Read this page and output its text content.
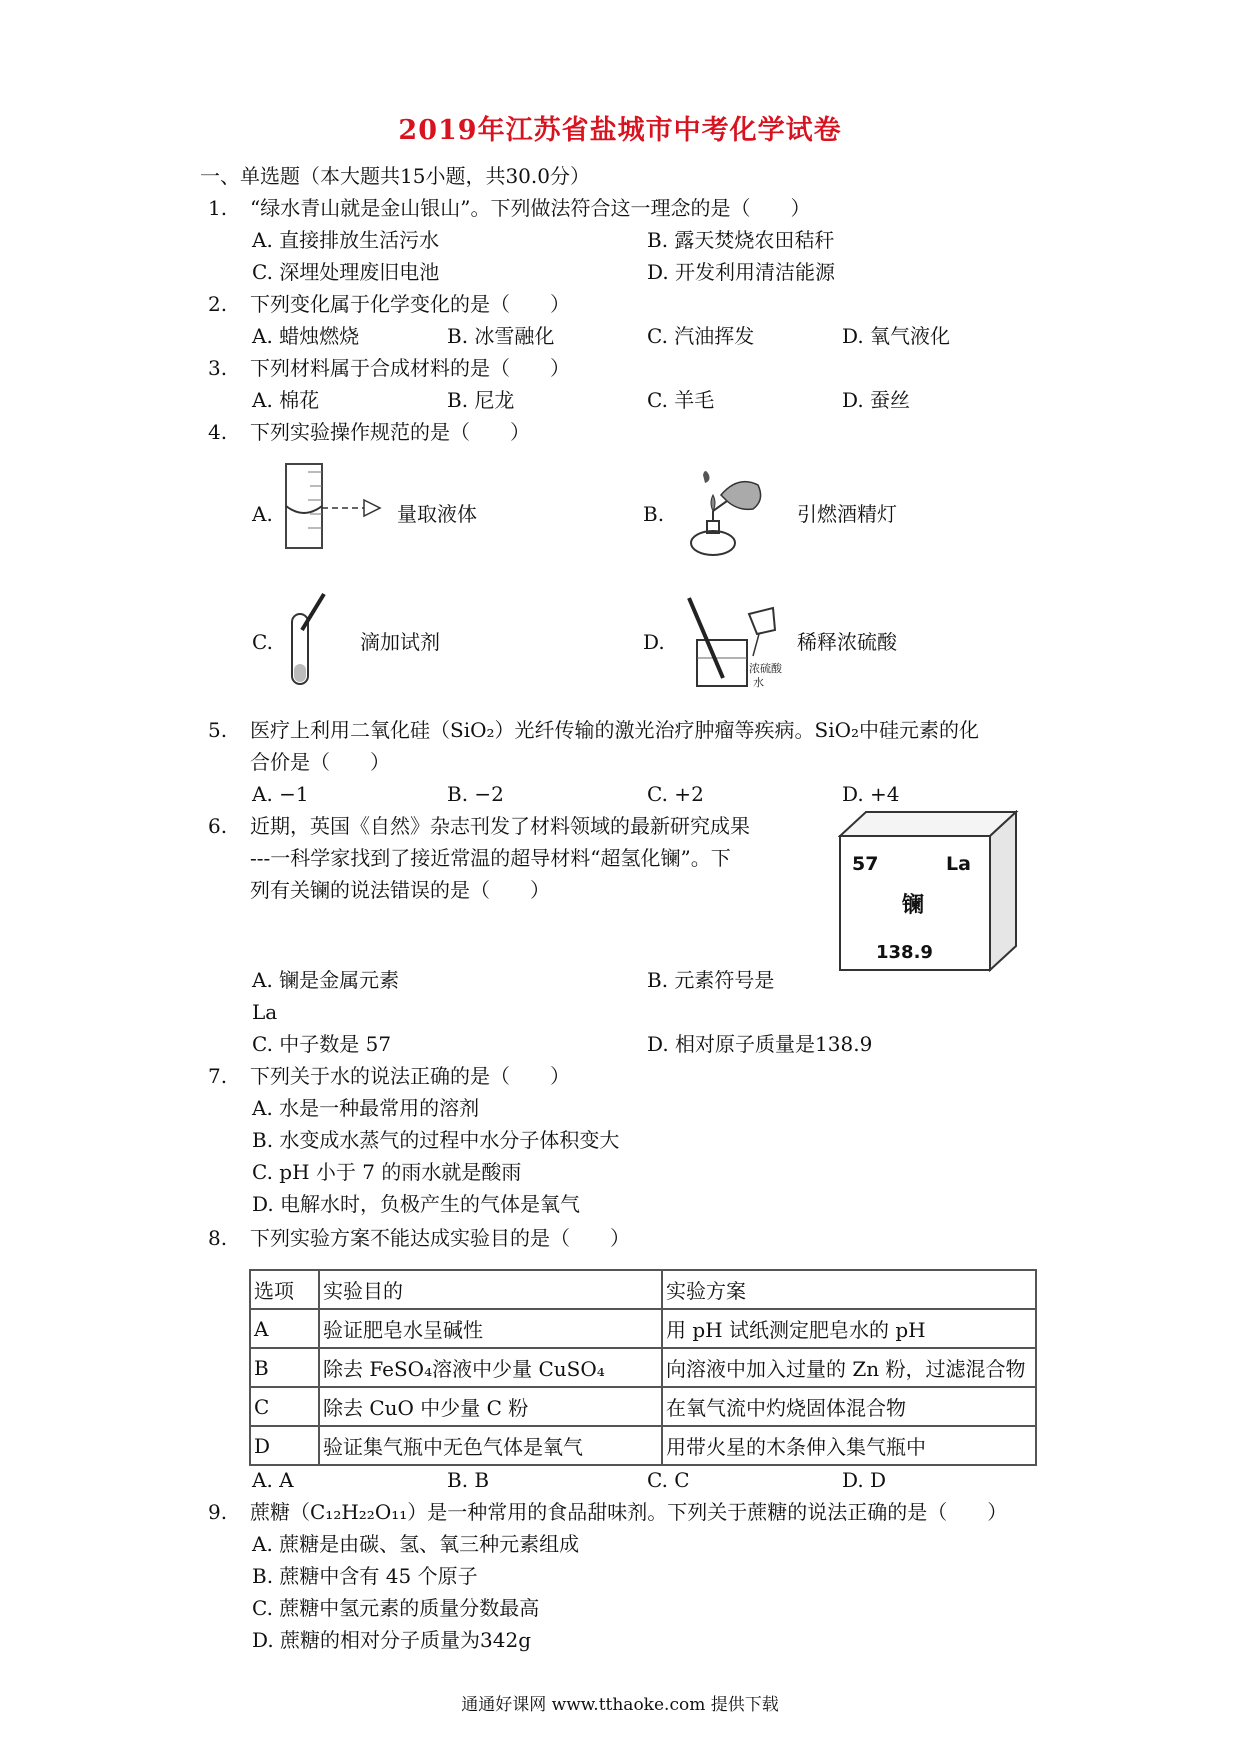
2019年江苏省盐城市中考化学试卷
一、单选题（本大题共15小题，共30.0分）
1. “绿水青山就是金山银山”。下列做法符合这一理念的是（　　）
A. 直接排放生活污水	B. 露天焚烧农田秸秆
C. 深埋处理废旧电池	D. 开发利用清洁能源
2. 下列变化属于化学变化的是（　　）
A. 蜡烛燃烧	B. 冰雪融化	C. 汽油挥发	D. 氧气液化
3. 下列材料属于合成材料的是（　　）
A. 棉花	B. 尼龙	C. 羊毛	D. 蚕丝
4. 下列实验操作规范的是（　　）
A.	量取液体	B.	引燃酒精灯
C.	滴加试剂	D.
浓硫酸
水
稀释浓硫酸
5. 医疗上利用二氧化硅（SiO₂）光纤传输的激光治疗肿瘤等疾病。SiO₂中硅元素的化
合价是（　　）
A. −1	B. −2	C. +2	D. +4
6. 近期，英国《自然》杂志刊发了材料领域的最新研究成果
---一科学家找到了接近常温的超导材料“超氢化镧”。下
列有关镧的说法错误的是（　　）
57	La
镧
138.9
A. 镧是金属元素	B. 元素符号是
La
C. 中子数是 57	D. 相对原子质量是138.9
7. 下列关于水的说法正确的是（　　）
A. 水是一种最常用的溶剂
B. 水变成水蒸气的过程中水分子体积变大
C. pH 小于 7 的雨水就是酸雨
D. 电解水时，负极产生的气体是氧气
8. 下列实验方案不能达成实验目的是（　　）
选项	实验目的	实验方案
A	验证肥皂水呈碱性	用 pH 试纸测定肥皂水的 pH
B	除去 FeSO₄溶液中少量 CuSO₄	向溶液中加入过量的 Zn 粉，过滤混合物
C	除去 CuO 中少量 C 粉	在氧气流中灼烧固体混合物
D	验证集气瓶中无色气体是氧气	用带火星的木条伸入集气瓶中
A. A	B. B	C. C	D. D
9. 蔗糖（C₁₂H₂₂O₁₁）是一种常用的食品甜味剂。下列关于蔗糖的说法正确的是（　　）
A. 蔗糖是由碳、氢、氧三种元素组成
B. 蔗糖中含有 45 个原子
C. 蔗糖中氢元素的质量分数最高
D. 蔗糖的相对分子质量为342g
通通好课网 www.tthaoke.com 提供下载
